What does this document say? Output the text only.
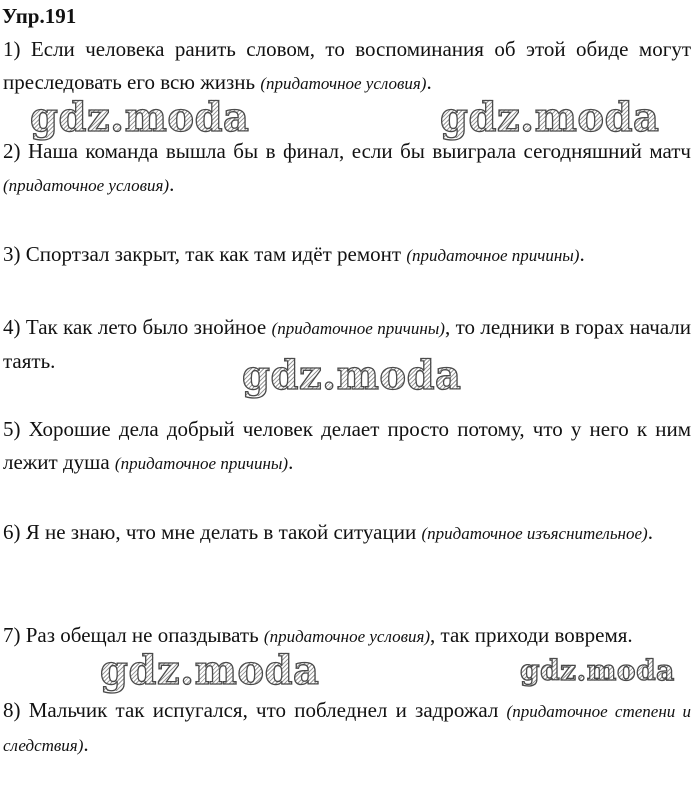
Упр.191
1) Если человека ранить словом, то воспоминания об этой обиде могут преследовать его всю жизнь (придаточное условия).
2) Наша команда вышла бы в финал, если бы выиграла сегодняшний матч (придаточное условия).
3) Спортзал закрыт, так как там идёт ремонт (придаточное причины).
4) Так как лето было знойное (придаточное причины), то ледники в горах начали таять.
5) Хорошие дела добрый человек делает просто потому, что у него к ним лежит душа (придаточное причины).
6) Я не знаю, что мне делать в такой ситуации (придаточное изъяснительное).
7) Раз обещал не опаздывать (придаточное условия), так приходи вовремя.
8) Мальчик так испугался, что побледнел и задрожал (придаточное степени и следствия).
gdz.moda	gdz.moda
gdz.moda
gdz.moda	gdz.moda
